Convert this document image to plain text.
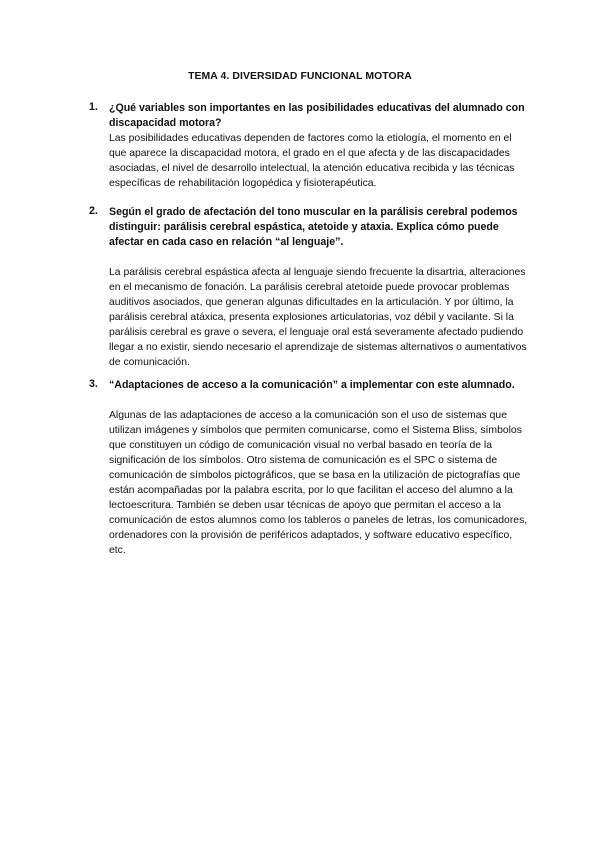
TEMA 4. DIVERSIDAD FUNCIONAL MOTORA
1. ¿Qué variables son importantes en las posibilidades educativas del alumnado con discapacidad motora?
Las posibilidades educativas dependen de factores como la etiología, el momento en el que aparece la discapacidad motora, el grado en el que afecta y de las discapacidades asociadas, el nivel de desarrollo intelectual, la atención educativa recibida y las técnicas específicas de rehabilitación logopédica y fisioterapéutica.
2. Según el grado de afectación del tono muscular en la parálisis cerebral podemos distinguir: parálisis cerebral espástica, atetoide y ataxia. Explica cómo puede afectar en cada caso en relación “al lenguaje”.
La parálisis cerebral espástica afecta al lenguaje siendo frecuente la disartria, alteraciones en el mecanismo de fonación. La parálisis cerebral atetoide puede provocar problemas auditivos asociados, que generan algunas dificultades en la articulación. Y por último, la parálisis cerebral atáxica, presenta explosiones articulatorias, voz débil y vacilante. Si la parálisis cerebral es grave o severa, el lenguaje oral está severamente afectado pudiendo llegar a no existir, siendo necesario el aprendizaje de sistemas alternativos o aumentativos de comunicación.
3. “Adaptaciones de acceso a la comunicación” a implementar con este alumnado.
Algunas de las adaptaciones de acceso a la comunicación son el uso de sistemas que utilizan imágenes y símbolos que permiten comunicarse, como el Sistema Bliss, símbolos que constituyen un código de comunicación visual no verbal basado en teoría de la significación de los símbolos. Otro sistema de comunicación es el SPC o sistema de comunicación de símbolos pictográficos, que se basa en la utilización de pictografías que están acompañadas por la palabra escrita, por lo que facilitan el acceso del alumno a la lectoescritura. También se deben usar técnicas de apoyo que permitan el acceso a la comunicación de estos alumnos como los tableros o paneles de letras, los comunicadores, ordenadores con la provisión de periféricos adaptados, y software educativo específico, etc.
